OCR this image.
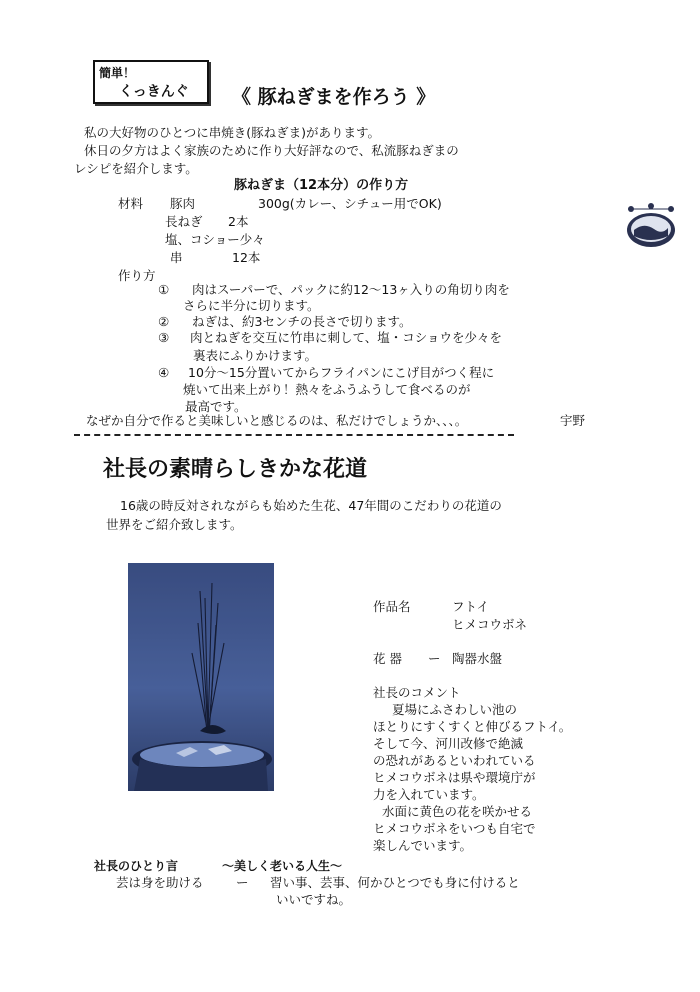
簡単！
くっきんぐ 《 豚ねぎまを作ろう 》
私の大好物のひとつに串焼き(豚ねぎま)があります。
休日の夕方はよく家族のために作り大好評なので、私流豚ねぎまの
レシピを紹介します。
豚ねぎま（12本分）の作り方
材料 豚肉	300g(カレー、シチュー用でOK)
長ねぎ 2本
塩、コショー少々
串	12本
作り方
① 肉はスーパーで、パックに約12～13ヶ入りの角切り肉を
さらに半分に切ります。
② ねぎは、約3センチの長さで切ります。
③ 肉とねぎを交互に竹串に刺して、塩・コショウを少々を
裏表にふりかけます。
④ 10分～15分置いてからフライパンにこげ目がつく程に
焼いて出来上がり！熱々をふうふうして食べるのが
最高です。
なぜか自分で作ると美味しいと感じるのは、私だけでしょうか、、、。	宇野
社長の素晴らしきかな花道
16歳の時反対されながらも始めた生花、47年間のこだわりの花道の
世界をご紹介致します。
作品名	フトイ
ヒメコウボネ
花 器 ー 陶器水盤
社長のコメント
夏場にふさわしい池の
ほとりにすくすくと伸びるフトイ。
そして今、河川改修で絶滅
の恐れがあるといわれている
ヒメコウボネは県や環境庁が
力を入れています。
水面に黄色の花を咲かせる
ヒメコウボネをいつも自宅で
楽しんでいます。
社長のひとり言	～美しく老いる人生～
芸は身を助ける	ー 習い事、芸事、何かひとつでも身に付けると
いいですね。
